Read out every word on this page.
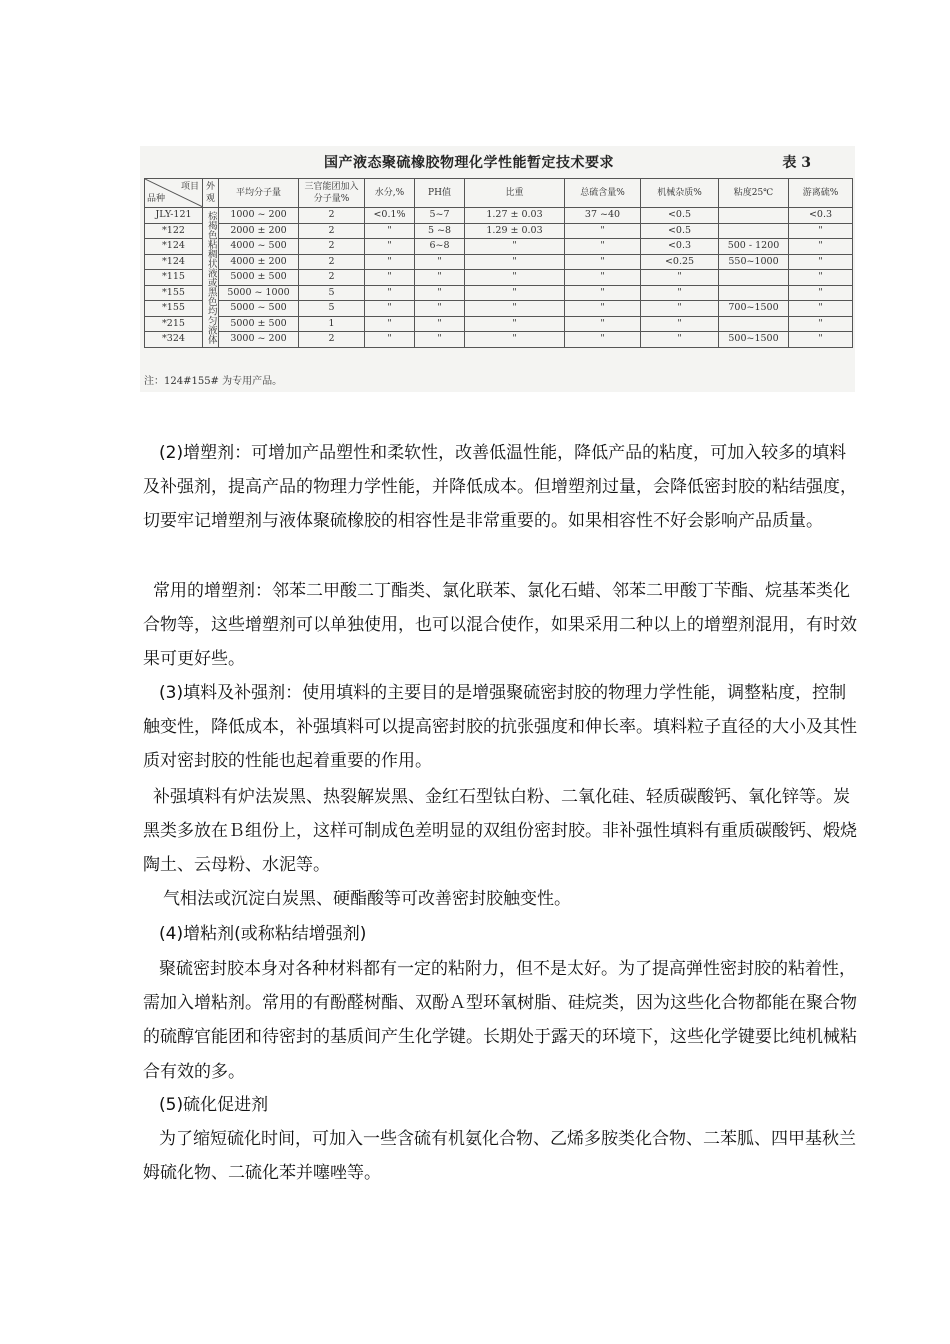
国产液态聚硫橡胶物理化学性能暂定技术要求	表 3
项目
品种	外观	平均分子量	三官能团加入分子量%	水分,%	PH值	比重	总硫含量%	机械杂质%	粘度25℃	游离硫%
JLY-121	棕褐色粘稠状液或黑色均匀液体	1000 ~ 200	2	<0.1%	5~7	1.27 ± 0.03	37 ~40	<0.5		<0.3
*122		2000 ± 200	2	"	5 ~8	1.29 ± 0.03	"	<0.5		"
*124		4000 ~ 500	2	"	6~8	"	"	<0.3	500 - 1200	"
*124		4000 ± 200	2	"	"	"	"	<0.25	550~1000	"
*115		5000 ± 500	2	"	"	"	"	"		"
*155		5000 ~ 1000	5	"	"	"	"	"		"
*155		5000 ~ 500	5	"	"	"	"	"	700~1500	"
*215		5000 ± 500	1	"	"	"	"	"		"
*324		3000 ~ 200	2	"	"	"	"	"	500~1500	"
注：124#155# 为专用产品。

(2)增塑剂：可增加产品塑性和柔软性，改善低温性能，降低产品的粘度，可加入较多的填料及补强剂，提高产品的物理力学性能，并降低成本。但增塑剂过量，会降低密封胶的粘结强度，切要牢记增塑剂与液体聚硫橡胶的相容性是非常重要的。如果相容性不好会影响产品质量。

常用的增塑剂：邻苯二甲酸二丁酯类、氯化联苯、氯化石蜡、邻苯二甲酸丁苄酯、烷基苯类化合物等，这些增塑剂可以单独使用，也可以混合使作，如果采用二种以上的增塑剂混用，有时效果可更好些。

(3)填料及补强剂：使用填料的主要目的是增强聚硫密封胶的物理力学性能，调整粘度，控制触变性，降低成本，补强填料可以提高密封胶的抗张强度和伸长率。填料粒子直径的大小及其性质对密封胶的性能也起着重要的作用。

补强填料有炉法炭黑、热裂解炭黑、金红石型钛白粉、二氧化硅、轻质碳酸钙、氧化锌等。炭黑类多放在Ｂ组份上，这样可制成色差明显的双组份密封胶。非补强性填料有重质碳酸钙、煅烧陶土、云母粉、水泥等。

气相法或沉淀白炭黑、硬酯酸等可改善密封胶触变性。

(4)增粘剂(或称粘结增强剂)

聚硫密封胶本身对各种材料都有一定的粘附力，但不是太好。为了提高弹性密封胶的粘着性，需加入增粘剂。常用的有酚醛树酯、双酚Ａ型环氧树脂、硅烷类，因为这些化合物都能在聚合物的硫醇官能团和待密封的基质间产生化学键。长期处于露天的环境下，这些化学键要比纯机械粘合有效的多。

(5)硫化促进剂

为了缩短硫化时间，可加入一些含硫有机氨化合物、乙烯多胺类化合物、二苯胍、四甲基秋兰姆硫化物、二硫化苯并噻唑等。
